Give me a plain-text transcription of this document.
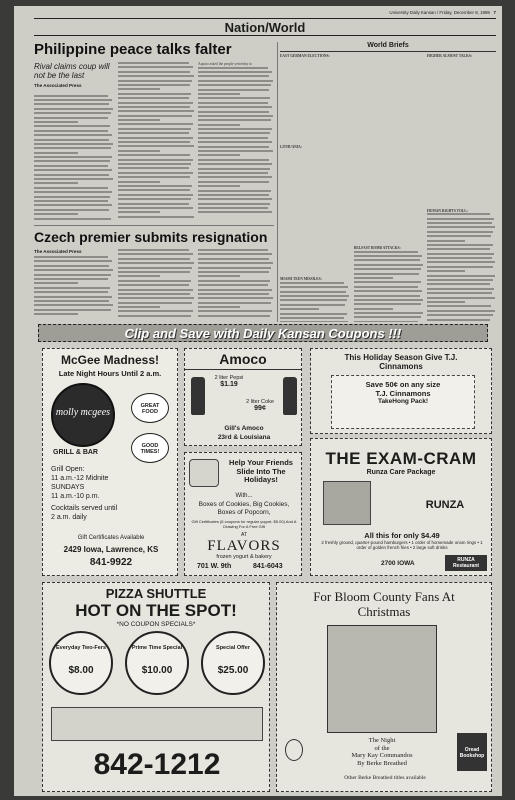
University Daily Kansan / Friday, December 8, 1989 7
Nation/World
Philippine peace talks falter
Rival claims coup will not be the last
The Associated Press
Aquino asked the people yesterday to
Czech premier submits resignation
The Associated Press
World Briefs
EAST GERMAN ELECTIONS:
LITHUANIA:
MIAMI TEEN MISSILES:
BELFAST BOMB ATTACKS:
HIGHER ALMOST TALKS:
HUMAN RIGHTS TOLL:
Clip and Save with Daily Kansan Coupons !!!
McGee Madness!
Late Night Hours Until 2 a.m.
molly mcgees
GRILL & BAR
GREAT FOOD
GOOD TIMES!
Grill Open:
11 a.m.-12 Midnite
SUNDAYS
11 a.m.-10 p.m.
Cocktails served until 2 a.m. daily
Gift Certificates Available
2429 Iowa, Lawrence, KS
841-9922
Amoco
2 liter Pepsi
$1.19
2 liter Coke
99¢
Gill's Amoco
23rd & Louisiana
Help Your Friends Slide Into The Holidays!
With...
Boxes of Cookies, Big Cookies, Boxes of Popcorn,
Gift Certificates (6 coupons for regular yogurt, $5.00) And A Drawing For A Free Gift
AT
FLAVORS
frozen yogurt & bakery
701 W. 9th	841-6043
This Holiday Season Give T.J. Cinnamons
Save 50¢ on any size
T.J. Cinnamons
TakeHong Pack!
THE EXAM-CRAM
Runza Care Package
RUNZA
All this for only $4.49
2 freshly ground, quarter-pound hamburgers • 1 order of homemade onion rings • 1 order of golden french fries • 2 large soft drinks
2700 IOWA	RUNZA Restaurant
PIZZA SHUTTLE
HOT ON THE SPOT!
*NO COUPON SPECIALS*
Everyday Two-Fers
$8.00
Prime Time Special
$10.00
Special Offer
$25.00
842-1212
For Bloom County Fans At Christmas
The Night
of the
Mary Kay Commandos
By Berke Breathed
Other Berke Breathed titles available
Oread Bookshop
